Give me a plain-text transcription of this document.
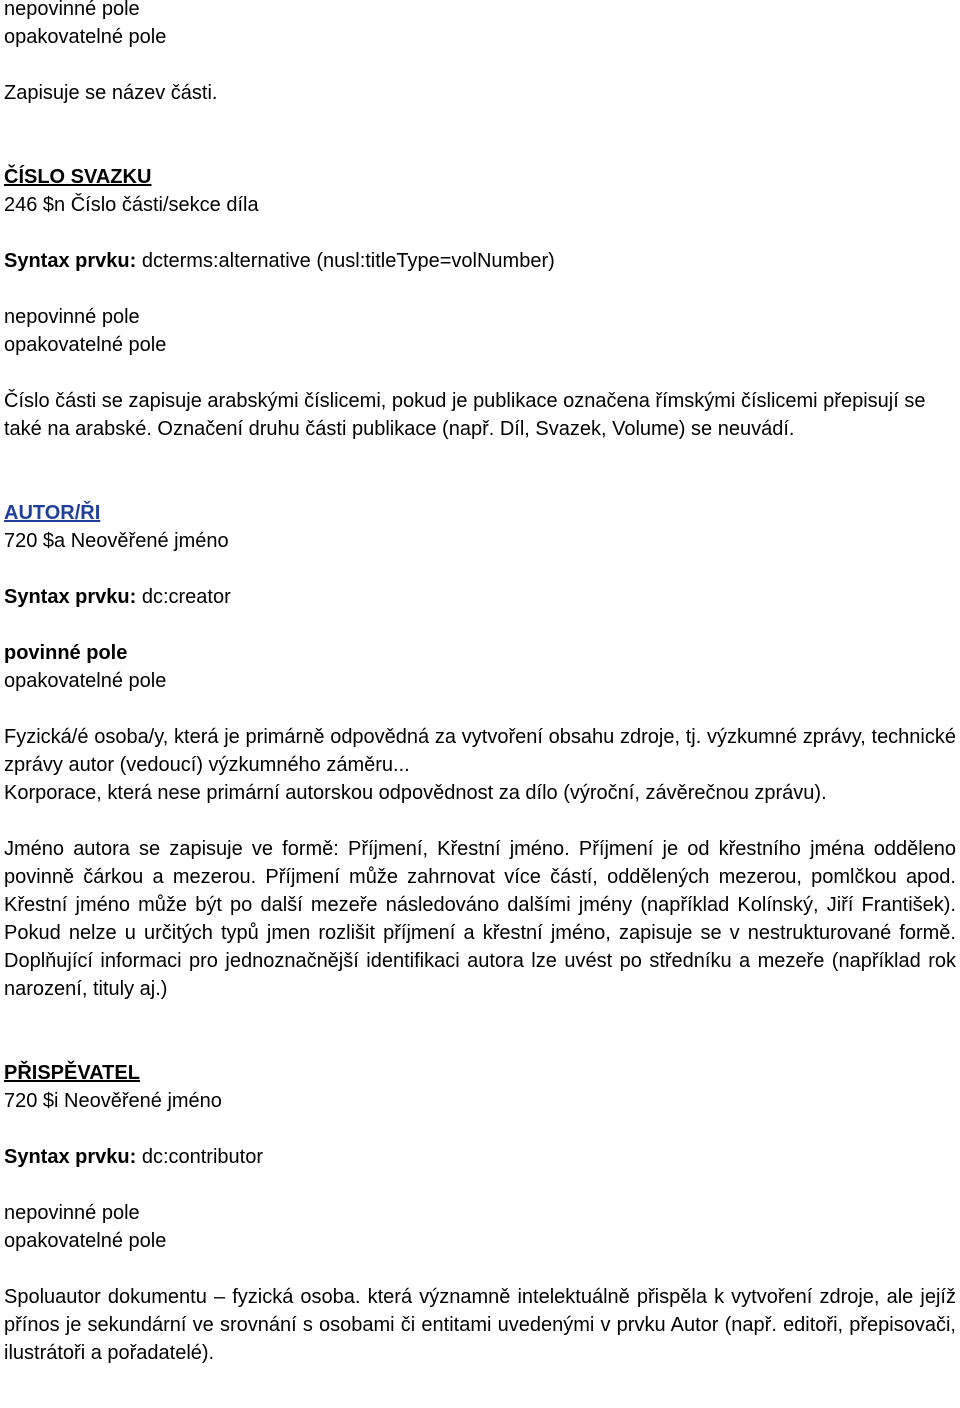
nepovinné pole

opakovatelné pole

Zapisuje se název části.

ČÍSLO SVAZKU

246 $n Číslo části/sekce díla

Syntax prvku: dcterms:alternative (nusl:titleType=volNumber)

nepovinné pole

opakovatelné pole

Číslo části se zapisuje arabskými číslicemi, pokud je publikace označena římskými číslicemi přepisují se také na arabské. Označení druhu části publikace (např. Díl, Svazek, Volume) se neuvádí.

AUTOR/ŘI

720 $a Neověřené jméno

Syntax prvku: dc:creator

povinné pole

opakovatelné pole

Fyzická/é osoba/y, která je primárně odpovědná za vytvoření obsahu zdroje, tj. výzkumné zprávy, technické zprávy autor (vedoucí) výzkumného záměru...

Korporace, která nese primární autorskou odpovědnost za dílo (výroční, závěrečnou zprávu).

Jméno autora se zapisuje ve formě: Příjmení, Křestní jméno. Příjmení je od křestního jména odděleno povinně čárkou a mezerou. Příjmení může zahrnovat více částí, oddělených mezerou, pomlčkou apod. Křestní jméno může být po další mezeře následováno dalšími jmény (například Kolínský, Jiří František). Pokud nelze u určitých typů jmen rozlišit příjmení a křestní jméno, zapisuje se v nestrukturované formě. Doplňující informaci pro jednoznačnější identifikaci autora lze uvést po středníku a mezeře (například rok narození, tituly aj.)

PŘISPĚVATEL

720 $i Neověřené jméno

Syntax prvku: dc:contributor

nepovinné pole

opakovatelné pole

Spoluautor dokumentu – fyzická osoba. která významně intelektuálně přispěla k vytvoření zdroje, ale jejíž přínos je sekundární ve srovnání s osobami či entitami uvedenými v prvku Autor (např. editoři, přepisovači, ilustrátoři a pořadatelé).
